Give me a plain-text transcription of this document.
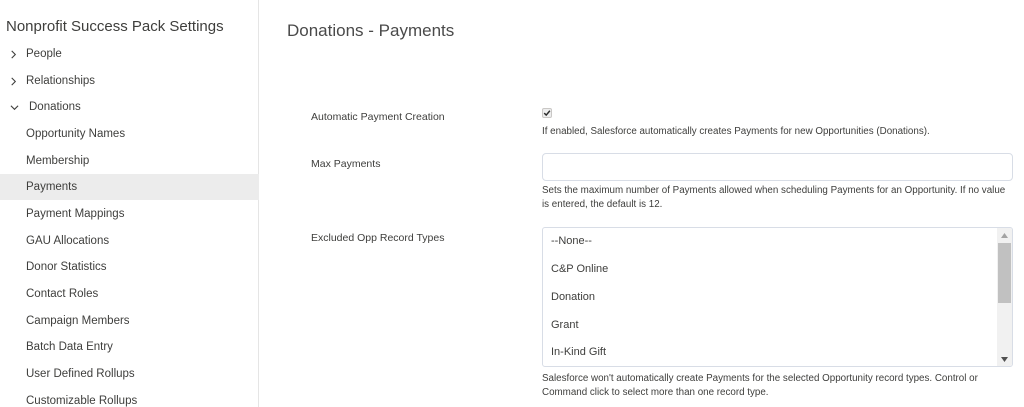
Nonprofit Success Pack Settings
People
Relationships
Donations
Opportunity Names
Membership
Payments
Payment Mappings
GAU Allocations
Donor Statistics
Contact Roles
Campaign Members
Batch Data Entry
User Defined Rollups
Customizable Rollups
Donations - Payments
Automatic Payment Creation
If enabled, Salesforce automatically creates Payments for new Opportunities (Donations).
Max Payments
Sets the maximum number of Payments allowed when scheduling Payments for an Opportunity. If no value is entered, the default is 12.
Excluded Opp Record Types	--None--
C&P Online
Donation
Grant
In-Kind Gift
Salesforce won't automatically create Payments for the selected Opportunity record types. Control or Command click to select more than one record type.
